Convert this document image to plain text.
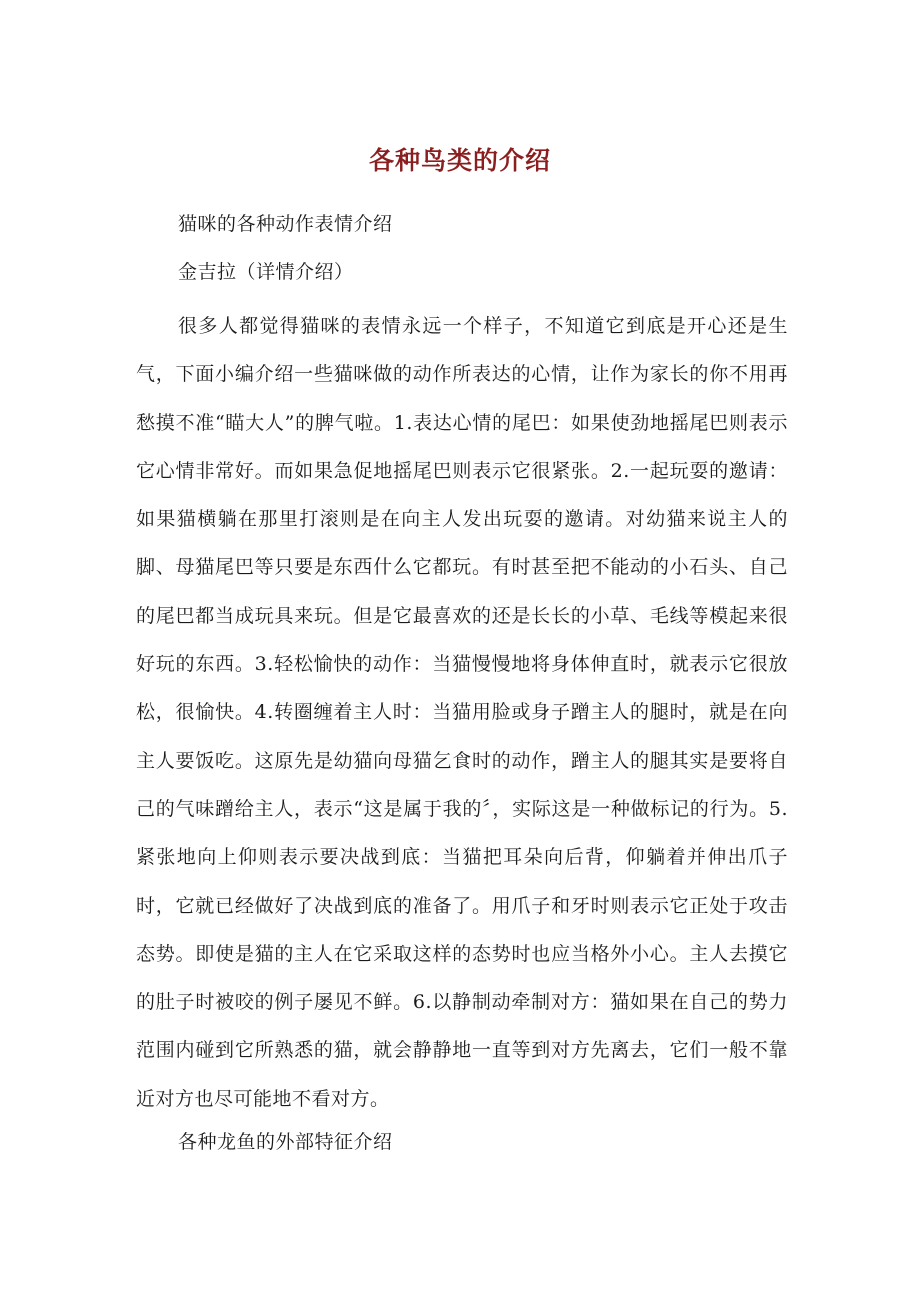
各种鸟类的介绍

猫咪的各种动作表情介绍

金吉拉（详情介绍）

很多人都觉得猫咪的表情永远一个样子，不知道它到底是开心还是生气，下面小编介绍一些猫咪做的动作所表达的心情，让作为家长的你不用再愁摸不准“瞄大人”的脾气啦。1.表达心情的尾巴：如果使劲地摇尾巴则表示它心情非常好。而如果急促地摇尾巴则表示它很紧张。2.一起玩耍的邀请：如果猫横躺在那里打滚则是在向主人发出玩耍的邀请。对幼猫来说主人的脚、母猫尾巴等只要是东西什么它都玩。有时甚至把不能动的小石头、自己的尾巴都当成玩具来玩。但是它最喜欢的还是长长的小草、毛线等模起来很好玩的东西。3.轻松愉快的动作：当猫慢慢地将身体伸直时，就表示它很放松，很愉快。4.转圈缠着主人时：当猫用脸或身子蹭主人的腿时，就是在向主人要饭吃。这原先是幼猫向母猫乞食时的动作，蹭主人的腿其实是要将自己的气味蹭给主人，表示“这是属于我的〞，实际这是一种做标记的行为。5.紧张地向上仰则表示要决战到底：当猫把耳朵向后背，仰躺着并伸出爪子时，它就已经做好了决战到底的准备了。用爪子和牙时则表示它正处于攻击态势。即使是猫的主人在它采取这样的态势时也应当格外小心。主人去摸它的肚子时被咬的例子屡见不鲜。6.以静制动牵制对方：猫如果在自己的势力范围内碰到它所熟悉的猫，就会静静地一直等到对方先离去，它们一般不靠近对方也尽可能地不看对方。

各种龙鱼的外部特征介绍
